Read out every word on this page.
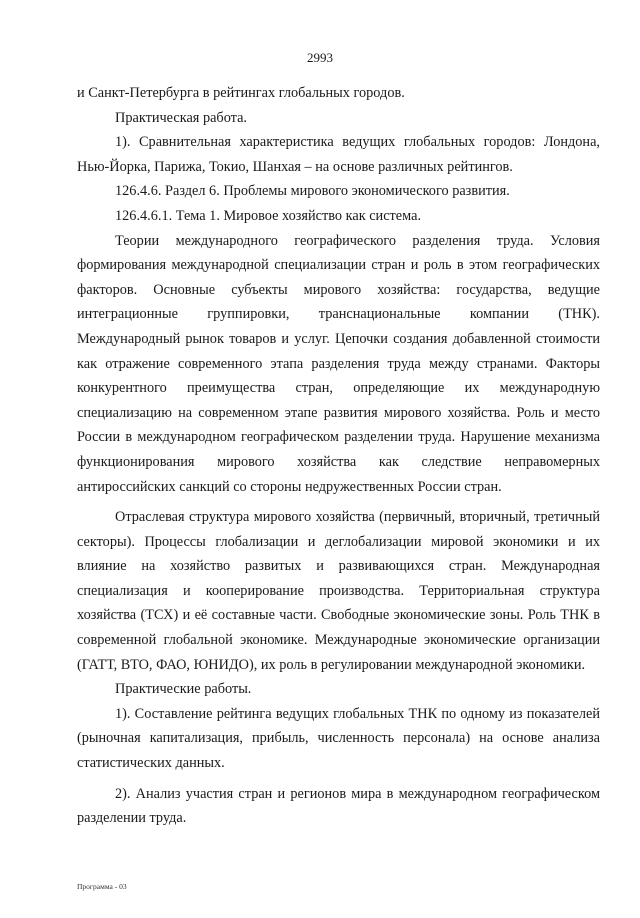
2993

и Санкт-Петербурга в рейтингах глобальных городов.

Практическая работа.

1). Сравнительная характеристика ведущих глобальных городов: Лондона, Нью-Йорка, Парижа, Токио, Шанхая – на основе различных рейтингов.

126.4.6. Раздел 6. Проблемы мирового экономического развития.

126.4.6.1. Тема 1. Мировое хозяйство как система.

Теории международного географического разделения труда. Условия формирования международной специализации стран и роль в этом географических факторов. Основные субъекты мирового хозяйства: государства, ведущие интеграционные группировки, транснациональные компании (ТНК). Международный рынок товаров и услуг. Цепочки создания добавленной стоимости как отражение современного этапа разделения труда между странами. Факторы конкурентного преимущества стран, определяющие их международную специализацию на современном этапе развития мирового хозяйства. Роль и место России в международном географическом разделении труда. Нарушение механизма функционирования мирового хозяйства как следствие неправомерных антироссийских санкций со стороны недружественных России стран.

Отраслевая структура мирового хозяйства (первичный, вторичный, третичный секторы). Процессы глобализации и деглобализации мировой экономики и их влияние на хозяйство развитых и развивающихся стран. Международная специализация и кооперирование производства. Территориальная структура хозяйства (ТСХ) и её составные части. Свободные экономические зоны. Роль ТНК в современной глобальной экономике. Международные экономические организации (ГАТТ, ВТО, ФАО, ЮНИДО), их роль в регулировании международной экономики.

Практические работы.

1). Составление рейтинга ведущих глобальных ТНК по одному из показателей (рыночная капитализация, прибыль, численность персонала) на основе анализа статистических данных.

2). Анализ участия стран и регионов мира в международном географическом разделении труда.

Программа - 03
